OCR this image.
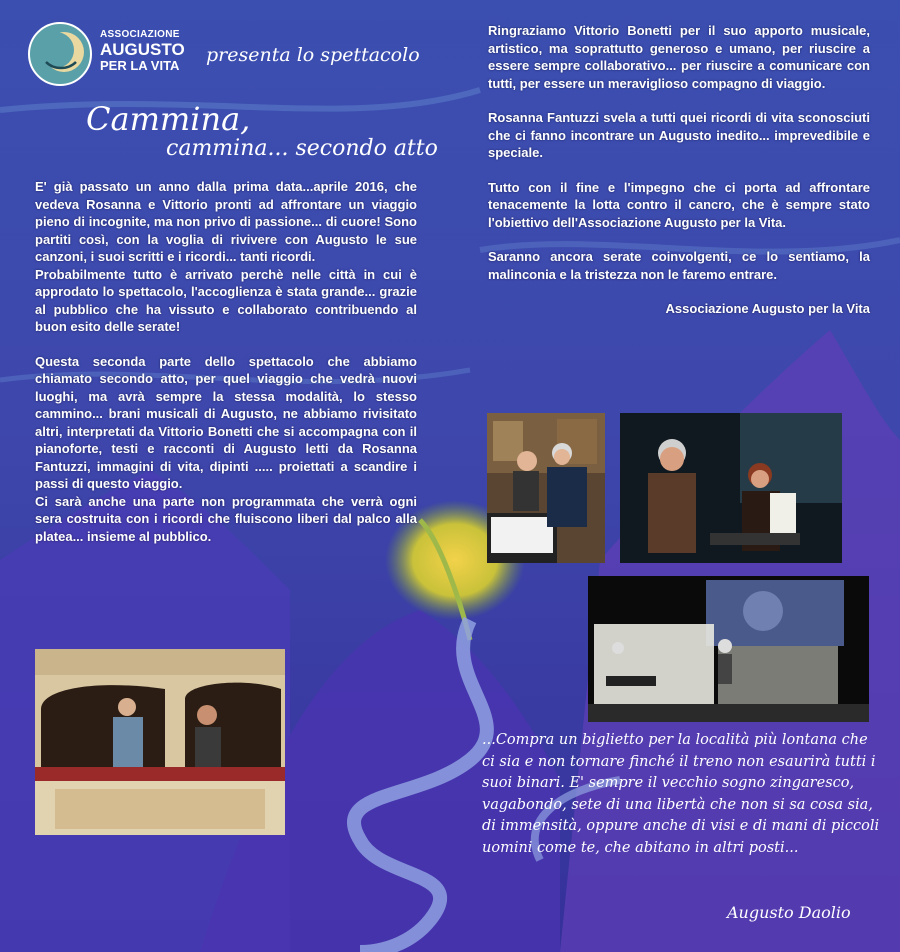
ASSOCIAZIONE
AUGUSTO
PER LA VITA presenta lo spettacolo
Cammina,
cammina... secondo atto

E' già passato un anno dalla prima data...aprile 2016, che vedeva Rosanna e Vittorio pronti ad affrontare un viaggio pieno di incognite, ma non privo di passione... di cuore! Sono partiti così, con la voglia di rivivere con Augusto le sue canzoni, i suoi scritti e i ricordi... tanti ricordi.

Probabilmente tutto è arrivato perchè nelle città in cui è approdato lo spettacolo, l'accoglienza è stata grande... grazie al pubblico che ha vissuto e collaborato contribuendo al buon esito delle serate!

Questa seconda parte dello spettacolo che abbiamo chiamato secondo atto, per quel viaggio che vedrà nuovi luoghi, ma avrà sempre la stessa modalità, lo stesso cammino... brani musicali di Augusto, ne abbiamo rivisitato altri, interpretati da Vittorio Bonetti che si accompagna con il pianoforte, testi e racconti di Augusto letti da Rosanna Fantuzzi, immagini di vita, dipinti ..... proiettati a scandire i passi di questo viaggio.

Ci sarà anche una parte non programmata che verrà ogni sera costruita con i ricordi che fluiscono liberi dal palco alla platea... insieme al pubblico.

Ringraziamo Vittorio Bonetti per il suo apporto musicale, artistico, ma soprattutto generoso e umano, per riuscire a essere sempre collaborativo... per riuscire a comunicare con tutti, per essere un meraviglioso compagno di viaggio.

Rosanna Fantuzzi svela a tutti quei ricordi di vita sconosciuti che ci fanno incontrare un Augusto inedito... imprevedibile e speciale.

Tutto con il fine e l'impegno che ci porta ad affrontare tenacemente la lotta contro il cancro, che è sempre stato l'obiettivo dell'Associazione Augusto per la Vita.

Saranno ancora serate coinvolgenti, ce lo sentiamo, la malinconia e la tristezza non le faremo entrare.

Associazione Augusto per la Vita

...Compra un biglietto per la località più lontana che ci sia e non tornare finché il treno non esaurirà tutti i suoi binari. E' sempre il vecchio sogno zingaresco, vagabondo, sete di una libertà che non si sa cosa sia, di immensità, oppure anche di visi e di mani di piccoli uomini come te, che abitano in altri posti...
Augusto Daolio
